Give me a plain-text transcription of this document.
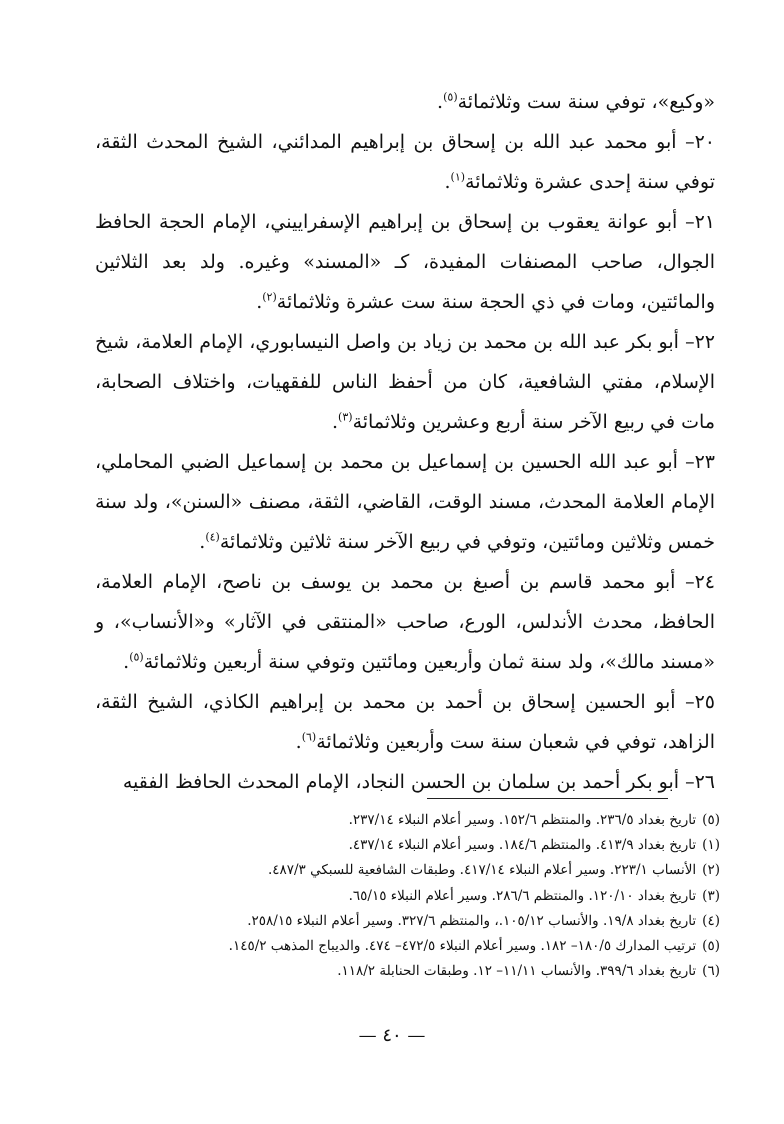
«وكيع»، توفي سنة ست وثلاثمائة$^{(٥)}$.

٢٠– أبو محمد عبد الله بن إسحاق بن إبراهيم المدائني، الشيخ المحدث الثقة، توفي سنة إحدى عشرة وثلاثمائة$^{(١)}$.

٢١– أبو عوانة يعقوب بن إسحاق بن إبراهيم الإسفراييني، الإمام الحجة الحافظ الجوال، صاحب المصنفات المفيدة، كـ «المسند» وغيره. ولد بعد الثلاثين والمائتين، ومات في ذي الحجة سنة ست عشرة وثلاثمائة$^{(٢)}$.

٢٢– أبو بكر عبد الله بن محمد بن زياد بن واصل النيسابوري، الإمام العلامة، شيخ الإسلام، مفتي الشافعية، كان من أحفظ الناس للفقهيات، واختلاف الصحابة، مات في ربيع الآخر سنة أربع وعشرين وثلاثمائة$^{(٣)}$.

٢٣– أبو عبد الله الحسين بن إسماعيل بن محمد بن إسماعيل الضبي المحاملي، الإمام العلامة المحدث، مسند الوقت، القاضي، الثقة، مصنف «السنن»، ولد سنة خمس وثلاثين ومائتين، وتوفي في ربيع الآخر سنة ثلاثين وثلاثمائة$^{(٤)}$.

٢٤– أبو محمد قاسم بن أصبغ بن محمد بن يوسف بن ناصح، الإمام العلامة، الحافظ، محدث الأندلس، الورع، صاحب «المنتقى في الآثار» و«الأنساب»، و «مسند مالك»، ولد سنة ثمان وأربعين ومائتين وتوفي سنة أربعين وثلاثمائة$^{(٥)}$.

٢٥– أبو الحسين إسحاق بن أحمد بن محمد بن إبراهيم الكاذي، الشيخ الثقة، الزاهد، توفي في شعبان سنة ست وأربعين وثلاثمائة$^{(٦)}$.

٢٦– أبو بكر أحمد بن سلمان بن الحسن النجاد، الإمام المحدث الحافظ الفقيه

(٥)تاريخ بغداد ٢٣٦/٥. والمنتظم ١٥٢/٦. وسير أعلام النبلاء ٢٣٧/١٤.

(١)تاريخ بغداد ٤١٣/٩. والمنتظم ١٨٤/٦. وسير أعلام النبلاء ٤٣٧/١٤.

(٢)الأنساب ٢٢٣/١. وسير أعلام النبلاء ٤١٧/١٤. وطبقات الشافعية للسبكي ٤٨٧/٣.

(٣)تاريخ بغداد ١٢٠/١٠. والمنتظم ٢٨٦/٦. وسير أعلام النبلاء ٦٥/١٥.

(٤)تاريخ بغداد ١٩/٨. والأنساب ١٠٥/١٢.، والمنتظم ٣٢٧/٦. وسير أعلام النبلاء ٢٥٨/١٥.

(٥)ترتيب المدارك ١٨٠/٥– ١٨٢. وسير أعلام النبلاء ٤٧٢/٥– ٤٧٤. والديباج المذهب ١٤٥/٢.

(٦)تاريخ بغداد ٣٩٩/٦. والأنساب ١١/١١– ١٢. وطبقات الحنابلة ١١٨/٢.

— ٤٠ —
